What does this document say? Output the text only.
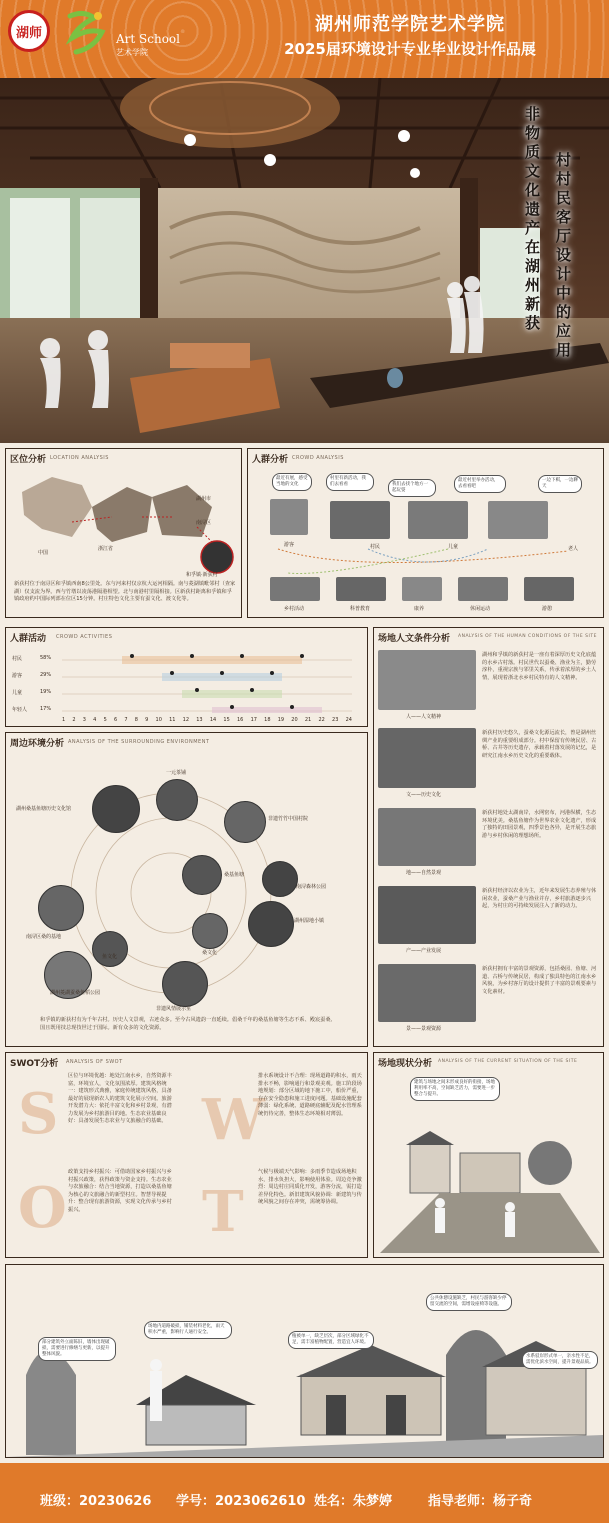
湖师	Art School
艺术学院
湖州师范学院艺术学院
2025届环境设计专业毕业设计作品展
非物质文化遗产在湖州新获 村村民客厅设计中的应用
区位分析 LOCATION ANALYSIS
中国
浙江省
湖州市
南浔区
和孚镇·新获村
新获村位于南浔区和孚镇西南8公里处。东与河来村仅京杭大运河相隔。南与菱湖镇毗邻村（查家湖）仅支流为界。西与竹墩以凌荡港隔港相望。北与南港村里隔相接。区新获村距离和孚镇和孚镇政府约中国际列部在位区15分钟。村庄特色文化主要有蚕文化、渡文化等。
人群分析 CROWD ANALYSIS
最近有展，感受当地的文化
村里有新活动，我们去看看	我们去找个地方一起玩耍
最近村里举办活动，去看看吧
一边下棋，一边聊天
游客	村民	儿童	老人
乡村活动	科普教育	康养	休闲运动	游憩
人群活动 CROWD ACTIVITIES
村民	58%
游客	29%
儿童	19%
年轻人	17%
1 2 3 4 5 6 7 8 9 10 11 12 13 14 15 16 17 18 19 20 21 22 23 24
周边环境分析 ANALYSIS OF THE SURROUNDING ENVIRONMENT
湖州桑基鱼塘历史文化馆
一元茶铺
非遗竹竹中国村院
桑基鱼塘
南浔森林公园
南浔区桑的基地
鱼文化
桑文化
湖州湿地小镇
湖州菱湖蚕桑鱼稻公园
非遗风情展示室
和孚镇的新获村有为千年古村。历史人文景观，古迹众多。至今古风遗韵一直延续。倡桑千年的桑基鱼塘等生态不系、殿宸蚕桑、国且既用技总现技世过于国际。新有众多的文化资源。
SWOT分析 ANALYSIS OF SWOT
S	W
O T
区位与环境优越：地处江南水乡，自然资源丰富，环境宜人，文化氛围浓厚。建筑风格统一：建筑形式典雅，家庭传统建筑风格，具备最好的展现新农人的建筑文化展示空间。旅游开发潜力大：依托丰富文化和乡村景观，有潜力发展为乡村旅游目的地。生态农业基础良好：具备发展生态农业与文旅融合的基础。
排水系统设计不合理：现场道路的积水，雨天排水不畅，影响通行和景观美观。施工阶段场地规划：部分区域的地下施工中，船价严重，存在安全隐患和施工进度问题。基础设施配套薄弱：绿化系统、道路硬底辅配及配水管理系统仍待完善，整体生态环境相对薄弱。
政策支持乡村振兴：可借助国家乡村振兴与乡村振兴政策，获得政策与资金支持。生态农业与农旅融合：结合当地资源，打造以桑基鱼塘为核心的文旅融合的新型村庄。智慧导视提升：整合现有旅游资源，实现文化传承与乡村振兴。
气候与极端天气影响：多雨季节造成场地积水，排水负担大，影响使用体验。周边竞争激烈：周边村庄同质化开发，游客分流，需打造差异化特色。新旧建筑风貌协调：新建筑与传统风貌之间存在冲突，需统筹协调。
场地人文条件分析 ANALYSIS OF THE HUMAN CONDITIONS OF THE SITE
人——人文精神
湖州和孚镇的新获村是一座有着深厚历史文化底蕴的水乡古村落。村民世代以蚕桑、渔业为主，勤劳淳朴，重视宗族与邻里关系，传承着浓厚的乡土人情，展现着浙北水乡村民特有的人文精神。
文——历史文化
新获村历史悠久，蚕桑文化源远流长，曾是湖州丝绸产业的重要组成部分。村中保留有传统民居、古桥、古井等历史遗存，承载着村落发展的记忆，是研究江南水乡历史文化的重要载体。
地——自然景观
新获村地处太湖南岸，水网密布，河港纵横，生态环境优美。桑基鱼塘作为世界农业文化遗产，形成了独特的田园景观，四季景色各异，是开展生态旅游与乡村休闲的理想场所。
产——产业发展
新获村经济以农业为主，近年来发展生态养殖与休闲农业，蚕桑产业与渔业并存，乡村旅游逐步兴起，为村庄的可持续发展注入了新的动力。
景——景观资源
新获村拥有丰富的景观资源，包括桑园、鱼塘、河道、古桥与传统民居，构成了独具特色的江南水乡风貌，为乡村客厅的设计提供了丰富的景观要素与文化素材。
场地现状分析 ANALYSIS OF THE CURRENT SITUATION OF THE SITE
建筑与场地之间未形成良好的衔接，场地利用率不高，空间缺乏活力，需要进一步整合与提升。
部分建筑外立面陈旧，墙体出现破损，需要进行修缮与更新，以提升整体风貌。
场地内道路破损，铺装材料老化，雨天积水严重，影响行人通行安全。
植被单一，缺乏层次，部分区域绿化不足，需丰富植物配置，营造宜人环境。
公共休憩设施缺乏，村民与游客缺少停留交流的空间，需增设座椅等设施。
水系驳岸形式单一，亲水性不足，需优化滨水空间，提升景观品质。
班级：20230626 学号：2023062610 姓名：朱梦婷	指导老师：杨子奇
